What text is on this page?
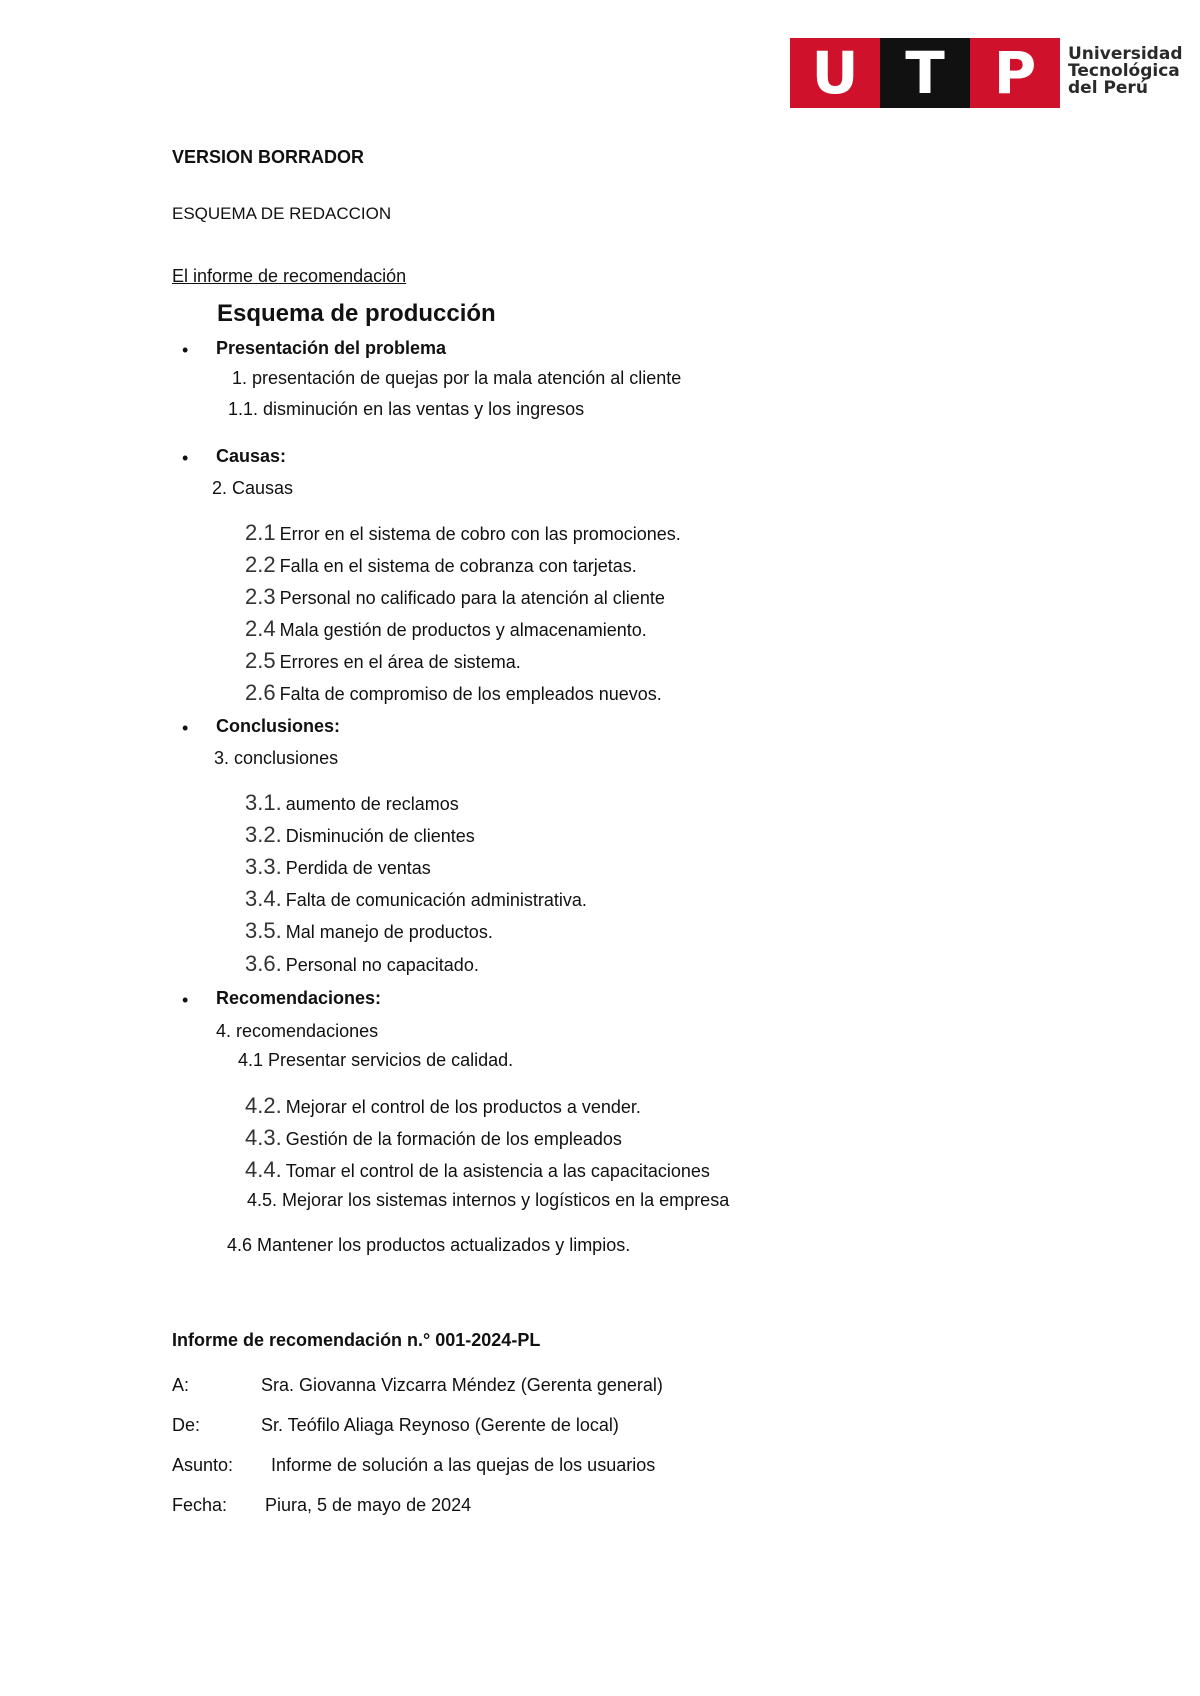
U T P	Universidad
Tecnológica
del Perú
VERSION BORRADOR
ESQUEMA DE REDACCION
El informe de recomendación
Esquema de producción
• Presentación del problema
1. presentación de quejas por la mala atención al cliente
1.1. disminución en las ventas y los ingresos
• Causas:
2. Causas
2.1 Error en el sistema de cobro con las promociones.
2.2 Falla en el sistema de cobranza con tarjetas.
2.3 Personal no calificado para la atención al cliente
2.4 Mala gestión de productos y almacenamiento.
2.5 Errores en el área de sistema.
2.6 Falta de compromiso de los empleados nuevos.
• Conclusiones:
3. conclusiones
3.1. aumento de reclamos
3.2. Disminución de clientes
3.3. Perdida de ventas
3.4. Falta de comunicación administrativa.
3.5. Mal manejo de productos.
3.6. Personal no capacitado.
• Recomendaciones:
4. recomendaciones
4.1 Presentar servicios de calidad.
4.2. Mejorar el control de los productos a vender.
4.3. Gestión de la formación de los empleados
4.4. Tomar el control de la asistencia a las capacitaciones
4.5. Mejorar los sistemas internos y logísticos en la empresa
4.6 Mantener los productos actualizados y limpios.
Informe de recomendación n.° 001-2024-PL
A:	Sra. Giovanna Vizcarra Méndez (Gerenta general)
De:	Sr. Teófilo Aliaga Reynoso (Gerente de local)
Asunto: Informe de solución a las quejas de los usuarios
Fecha: Piura, 5 de mayo de 2024
